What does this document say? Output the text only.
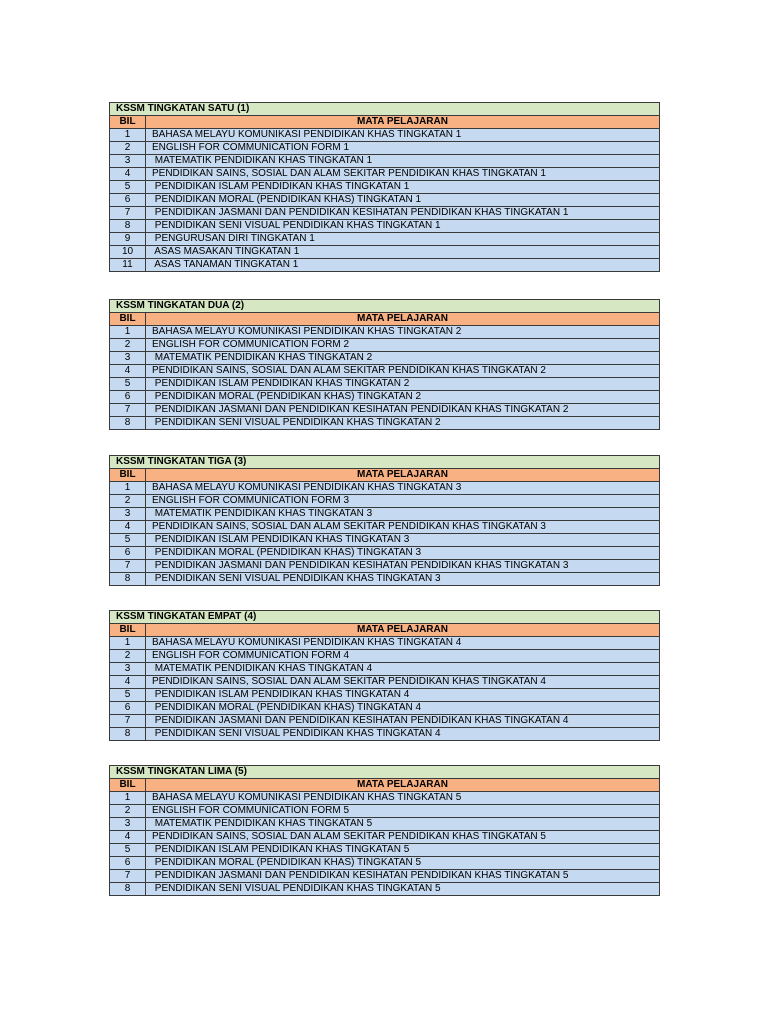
KSSM TINGKATAN SATU (1)	
BIL	MATA PELAJARAN
1	BAHASA MELAYU KOMUNIKASI PENDIDIKAN KHAS TINGKATAN 1
2	ENGLISH FOR COMMUNICATION FORM 1
3	MATEMATIK PENDIDIKAN KHAS TINGKATAN 1
4	PENDIDIKAN SAINS, SOSIAL DAN ALAM SEKITAR PENDIDIKAN KHAS TINGKATAN 1
5	PENDIDIKAN ISLAM PENDIDIKAN KHAS TINGKATAN 1
6	PENDIDIKAN MORAL (PENDIDIKAN KHAS) TINGKATAN 1
7	PENDIDIKAN JASMANI DAN PENDIDIKAN KESIHATAN PENDIDIKAN KHAS TINGKATAN 1
8	PENDIDIKAN SENI VISUAL PENDIDIKAN KHAS TINGKATAN 1
9	PENGURUSAN DIRI TINGKATAN 1
10	ASAS MASAKAN TINGKATAN 1
11	ASAS TANAMAN TINGKATAN 1
KSSM TINGKATAN DUA (2)	
BIL	MATA PELAJARAN
1	BAHASA MELAYU KOMUNIKASI PENDIDIKAN KHAS TINGKATAN 2
2	ENGLISH FOR COMMUNICATION FORM 2
3	MATEMATIK PENDIDIKAN KHAS TINGKATAN 2
4	PENDIDIKAN SAINS, SOSIAL DAN ALAM SEKITAR PENDIDIKAN KHAS TINGKATAN 2
5	PENDIDIKAN ISLAM PENDIDIKAN KHAS TINGKATAN 2
6	PENDIDIKAN MORAL (PENDIDIKAN KHAS) TINGKATAN 2
7	PENDIDIKAN JASMANI DAN PENDIDIKAN KESIHATAN PENDIDIKAN KHAS TINGKATAN 2
8	PENDIDIKAN SENI VISUAL PENDIDIKAN KHAS TINGKATAN 2
KSSM TINGKATAN TIGA (3)	
BIL	MATA PELAJARAN
1	BAHASA MELAYU KOMUNIKASI PENDIDIKAN KHAS TINGKATAN 3
2	ENGLISH FOR COMMUNICATION FORM 3
3	MATEMATIK PENDIDIKAN KHAS TINGKATAN 3
4	PENDIDIKAN SAINS, SOSIAL DAN ALAM SEKITAR PENDIDIKAN KHAS TINGKATAN 3
5	PENDIDIKAN ISLAM PENDIDIKAN KHAS TINGKATAN 3
6	PENDIDIKAN MORAL (PENDIDIKAN KHAS) TINGKATAN 3
7	PENDIDIKAN JASMANI DAN PENDIDIKAN KESIHATAN PENDIDIKAN KHAS TINGKATAN 3
8	PENDIDIKAN SENI VISUAL PENDIDIKAN KHAS TINGKATAN 3
KSSM TINGKATAN EMPAT (4)	
BIL	MATA PELAJARAN
1	BAHASA MELAYU KOMUNIKASI PENDIDIKAN KHAS TINGKATAN 4
2	ENGLISH FOR COMMUNICATION FORM 4
3	MATEMATIK PENDIDIKAN KHAS TINGKATAN 4
4	PENDIDIKAN SAINS, SOSIAL DAN ALAM SEKITAR PENDIDIKAN KHAS TINGKATAN 4
5	PENDIDIKAN ISLAM PENDIDIKAN KHAS TINGKATAN 4
6	PENDIDIKAN MORAL (PENDIDIKAN KHAS) TINGKATAN 4
7	PENDIDIKAN JASMANI DAN PENDIDIKAN KESIHATAN PENDIDIKAN KHAS TINGKATAN 4
8	PENDIDIKAN SENI VISUAL PENDIDIKAN KHAS TINGKATAN 4
KSSM TINGKATAN LIMA (5)	
BIL	MATA PELAJARAN
1	BAHASA MELAYU KOMUNIKASI PENDIDIKAN KHAS TINGKATAN 5
2	ENGLISH FOR COMMUNICATION FORM 5
3	MATEMATIK PENDIDIKAN KHAS TINGKATAN 5
4	PENDIDIKAN SAINS, SOSIAL DAN ALAM SEKITAR PENDIDIKAN KHAS TINGKATAN 5
5	PENDIDIKAN ISLAM PENDIDIKAN KHAS TINGKATAN 5
6	PENDIDIKAN MORAL (PENDIDIKAN KHAS) TINGKATAN 5
7	PENDIDIKAN JASMANI DAN PENDIDIKAN KESIHATAN PENDIDIKAN KHAS TINGKATAN 5
8	PENDIDIKAN SENI VISUAL PENDIDIKAN KHAS TINGKATAN 5
